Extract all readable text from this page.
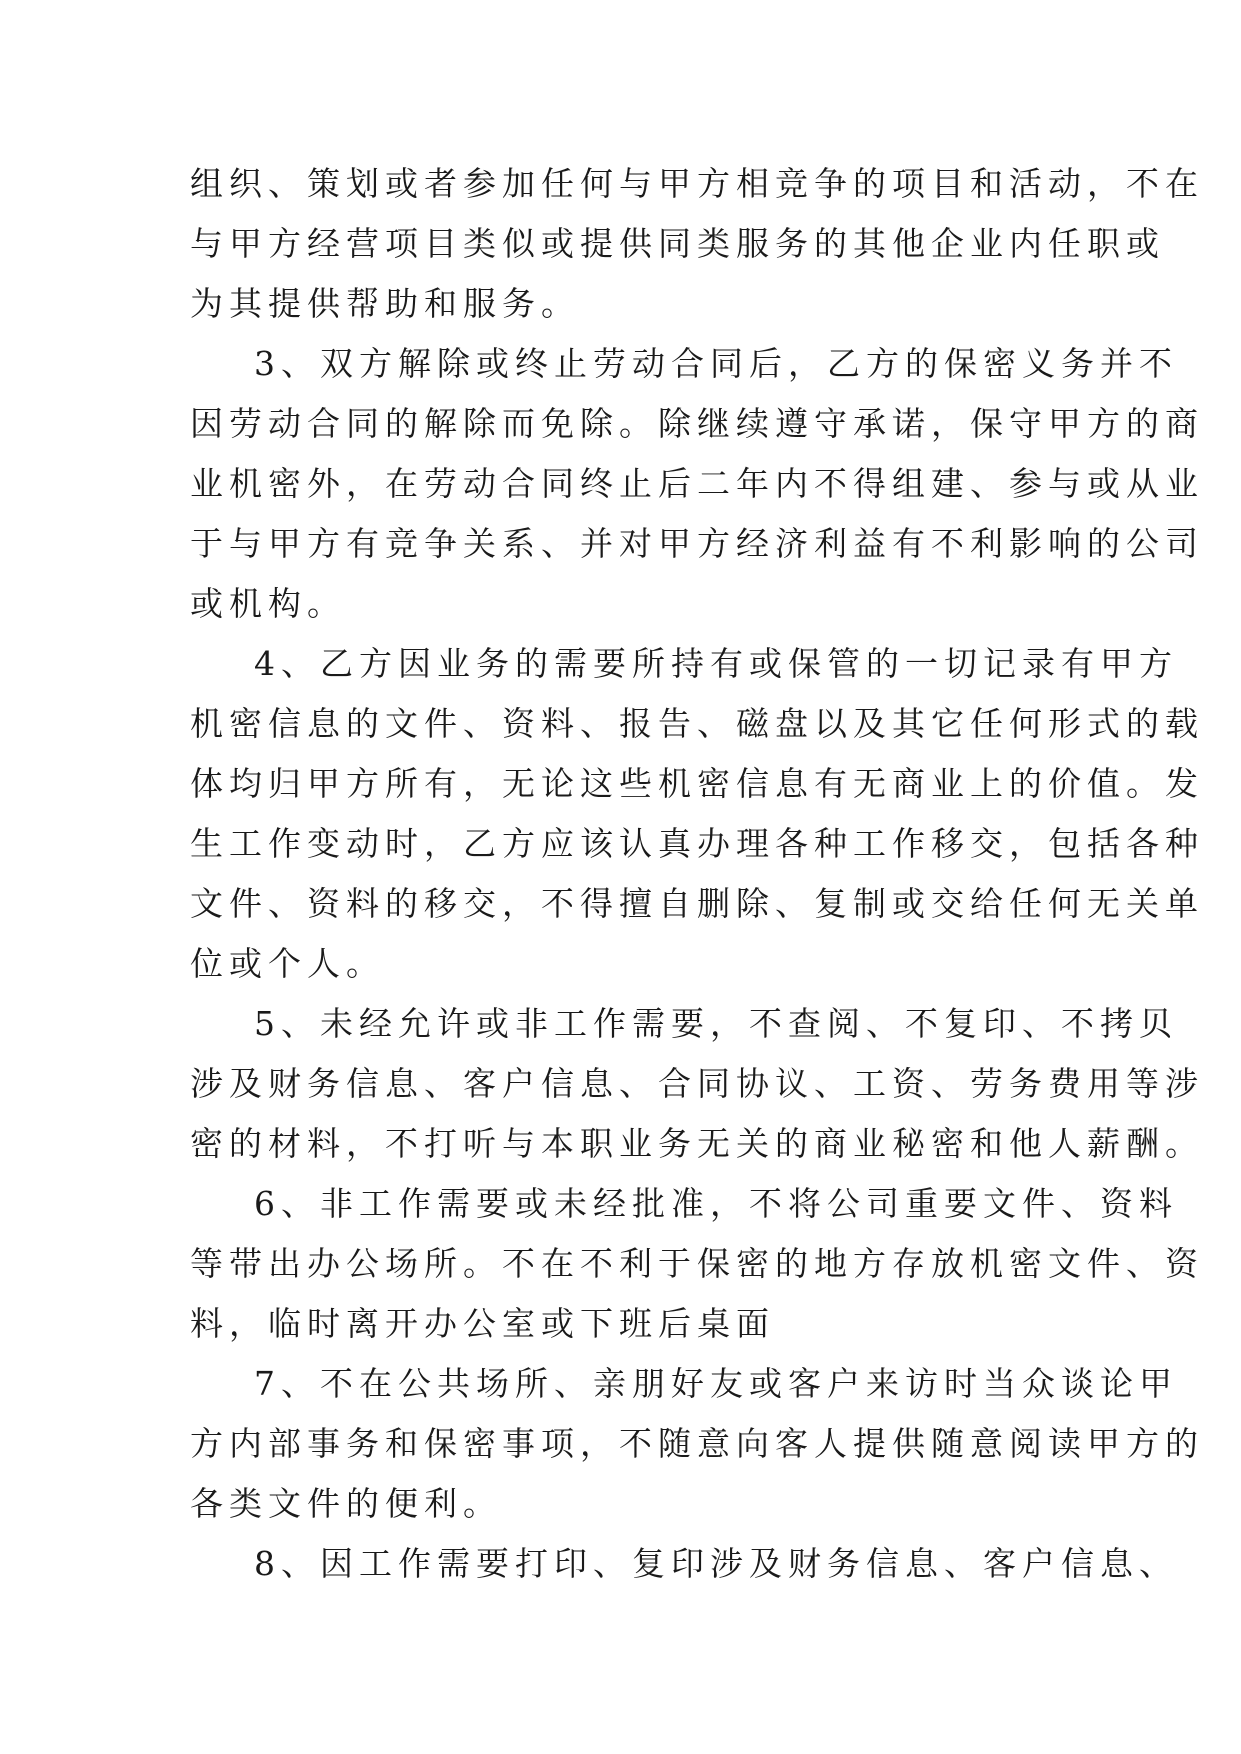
组织、策划或者参加任何与甲方相竞争的项目和活动，不在
与甲方经营项目类似或提供同类服务的其他企业内任职或
为其提供帮助和服务。
3、双方解除或终止劳动合同后，乙方的保密义务并不
因劳动合同的解除而免除。除继续遵守承诺，保守甲方的商
业机密外，在劳动合同终止后二年内不得组建、参与或从业
于与甲方有竞争关系、并对甲方经济利益有不利影响的公司
或机构。
4、乙方因业务的需要所持有或保管的一切记录有甲方
机密信息的文件、资料、报告、磁盘以及其它任何形式的载
体均归甲方所有，无论这些机密信息有无商业上的价值。发
生工作变动时，乙方应该认真办理各种工作移交，包括各种
文件、资料的移交，不得擅自删除、复制或交给任何无关单
位或个人。
5、未经允许或非工作需要，不查阅、不复印、不拷贝
涉及财务信息、客户信息、合同协议、工资、劳务费用等涉
密的材料，不打听与本职业务无关的商业秘密和他人薪酬。
6、非工作需要或未经批准，不将公司重要文件、资料
等带出办公场所。不在不利于保密的地方存放机密文件、资
料，临时离开办公室或下班后桌面
7、不在公共场所、亲朋好友或客户来访时当众谈论甲
方内部事务和保密事项，不随意向客人提供随意阅读甲方的
各类文件的便利。
8、因工作需要打印、复印涉及财务信息、客户信息、
